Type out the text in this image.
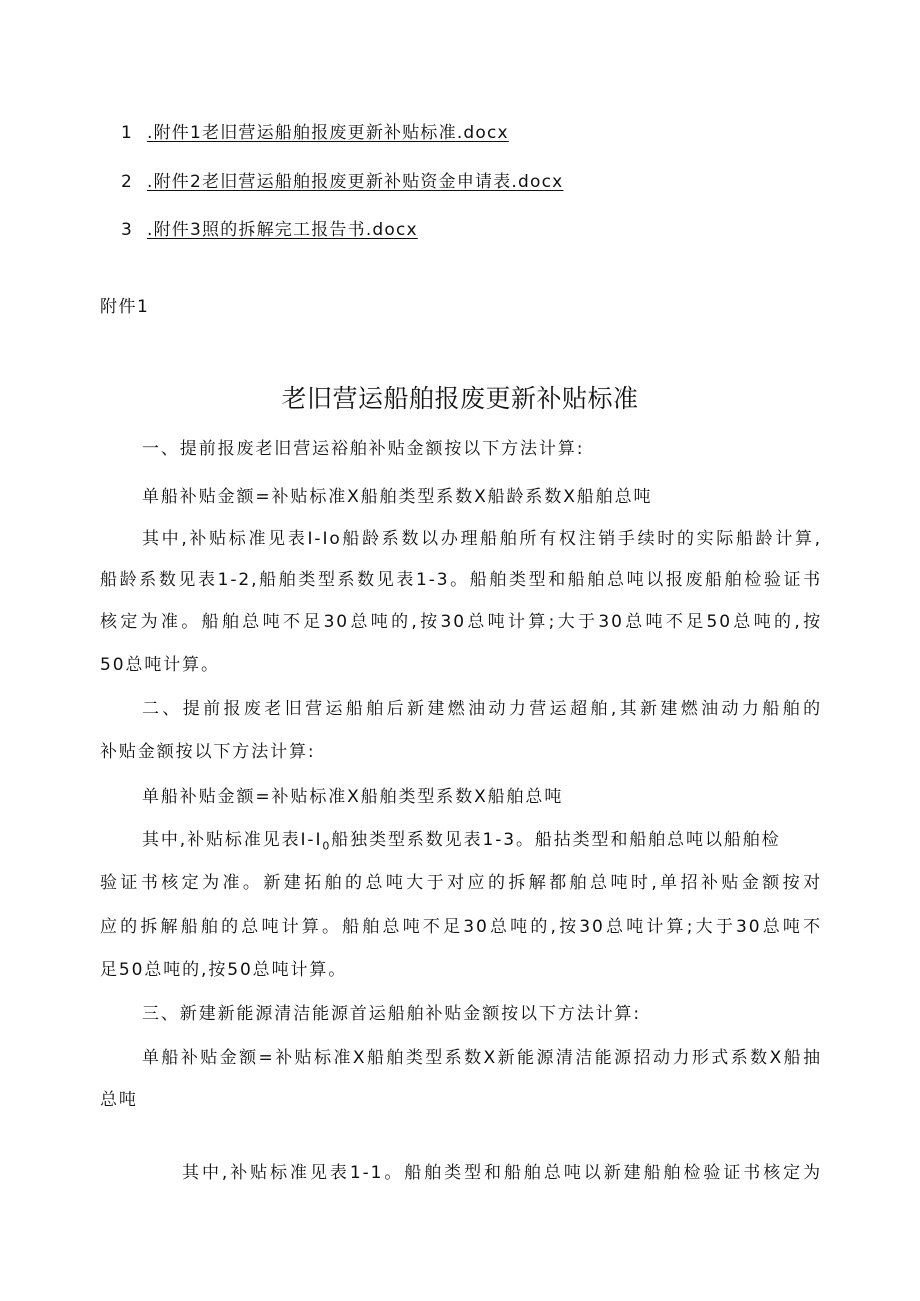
1 .附件1老旧营运船舶报废更新补贴标准.docx
2 .附件2老旧营运船舶报废更新补贴资金申请表.docx
3 .附件3照的拆解完工报告书.docx
附件1
老旧营运船舶报废更新补贴标准
一、提前报废老旧营运裕舶补贴金额按以下方法计算:
单船补贴金额=补贴标准X船舶类型系数X船龄系数X船舶总吨
其中,补贴标准见表I-Io船龄系数以办理船舶所有权注销手续时的实际船龄计算,
船龄系数见表1-2,船舶类型系数见表1-3。船舶类型和船舶总吨以报废船舶检验证书
核定为准。船舶总吨不足30总吨的,按30总吨计算;大于30总吨不足50总吨的,按
50总吨计算。
二、提前报废老旧营运船舶后新建燃油动力营运超舶,其新建燃油动力船舶的
补贴金额按以下方法计算:
单船补贴金额=补贴标准X船舶类型系数X船舶总吨
其中,补贴标准见表$I-I_0$船独类型系数见表1-3。船拈类型和船舶总吨以船舶检
验证书核定为准。新建拓舶的总吨大于对应的拆解都舶总吨时,单招补贴金额按对
应的拆解船舶的总吨计算。船舶总吨不足30总吨的,按30总吨计算;大于30总吨不
足50总吨的,按50总吨计算。
三、新建新能源清洁能源首运船舶补贴金额按以下方法计算:
单船补贴金额=补贴标准X船舶类型系数X新能源清洁能源招动力形式系数X船抽
总吨
其中,补贴标准见表1-1。船舶类型和船舶总吨以新建船舶检验证书核定为
